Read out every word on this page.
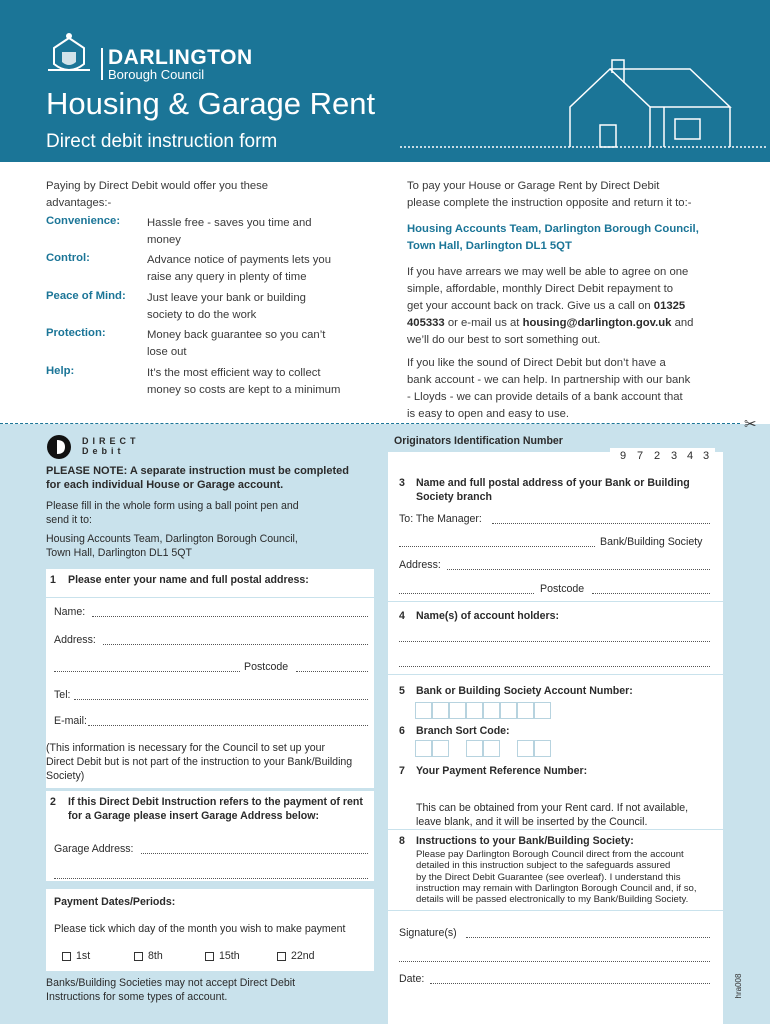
DARLINGTON
Borough Council
Housing & Garage Rent
Direct debit instruction form
Paying by Direct Debit would offer you these
advantages:-
Convenience:	Hassle free - saves you time and
money
Control:	Advance notice of payments lets you
raise any query in plenty of time
Peace of Mind:	Just leave your bank or building
society to do the work
Protection:	Money back guarantee so you can’t
lose out
Help:	It’s the most efficient way to collect
money so costs are kept to a minimum
To pay your House or Garage Rent by Direct Debit
please complete the instruction opposite and return it to:-
Housing Accounts Team, Darlington Borough Council,
Town Hall, Darlington DL1 5QT
If you have arrears we may well be able to agree on one
simple, affordable, monthly Direct Debit repayment to
get your account back on track. Give us a call on 01325
405333 or e-mail us at housing@darlington.gov.uk and
we’ll do our best to sort something out.
If you like the sound of Direct Debit but don’t have a
bank account - we can help. In partnership with our bank
- Lloyds - we can provide details of a bank account that
is easy to open and easy to use.
✂
DIRECT
Debit
Originators Identification Number
9 7 2 3 4 3
PLEASE NOTE: A separate instruction must be completed
for each individual House or Garage account.
Please fill in the whole form using a ball point pen and
send it to:
Housing Accounts Team, Darlington Borough Council,
Town Hall, Darlington DL1 5QT
1 Please enter your name and full postal address:
Name:
Address:
Postcode
Tel:
E-mail:
(This information is necessary for the Council to set up your
Direct Debit but is not part of the instruction to your Bank/Building
Society)
2 If this Direct Debit Instruction refers to the payment of rent
for a Garage please insert Garage Address below:
Garage Address:
Payment Dates/Periods:
Please tick which day of the month you wish to make payment
1st	8th	15th	22nd
Banks/Building Societies may not accept Direct Debit
Instructions for some types of account.
3 Name and full postal address of your Bank or Building
Society branch
To: The Manager:
Bank/Building Society
Address:
Postcode
4 Name(s) of account holders:
5 Bank or Building Society Account Number:
6 Branch Sort Code:
7 Your Payment Reference Number:
This can be obtained from your Rent card. If not available,
leave blank, and it will be inserted by the Council.
8 Instructions to your Bank/Building Society:
Please pay Darlington Borough Council direct from the account
detailed in this instruction subject to the safeguards assured
by the Direct Debit Guarantee (see overleaf). I understand this
instruction may remain with Darlington Borough Council and, if so,
details will be passed electronically to my Bank/Building Society.
Signature(s)
Date:	hra008
